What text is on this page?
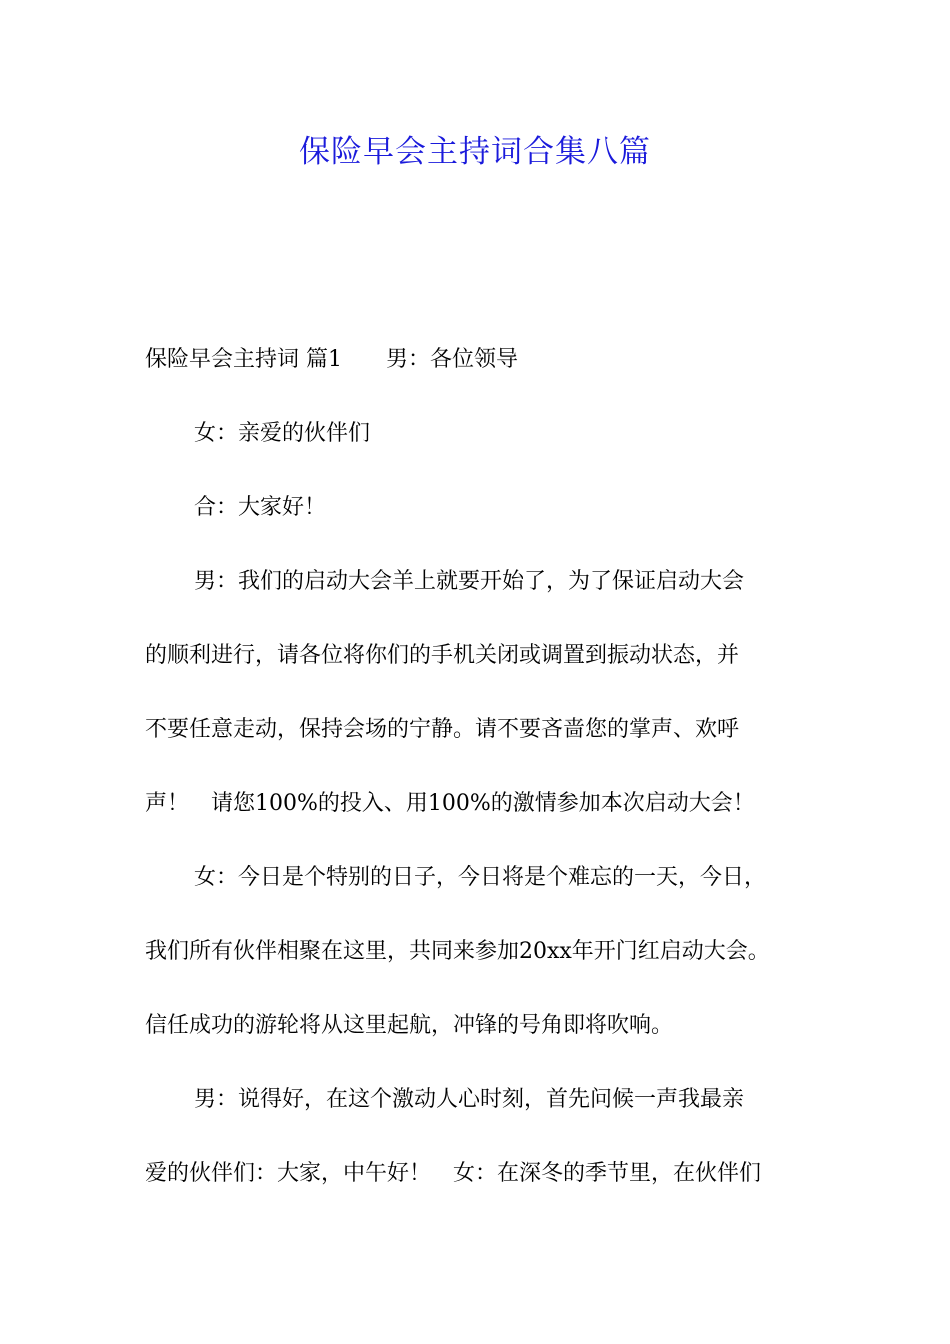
保险早会主持词合集八篇
保险早会主持词 篇1　　男：各位领导
女：亲爱的伙伴们
合：大家好！
男：我们的启动大会羊上就要开始了，为了保证启动大会
的顺利进行，请各位将你们的手机关闭或调置到振动状态，并
不要任意走动，保持会场的宁静。请不要吝啬您的掌声、欢呼
声！　请您100%的投入、用100%的激情参加本次启动大会！
女：今日是个特别的日子，今日将是个难忘的一天，今日，
我们所有伙伴相聚在这里，共同来参加20xx年开门红启动大会。
信任成功的游轮将从这里起航，冲锋的号角即将吹响。
男：说得好，在这个激动人心时刻，首先问候一声我最亲
爱的伙伴们：大家，中午好！　女：在深冬的季节里，在伙伴们
